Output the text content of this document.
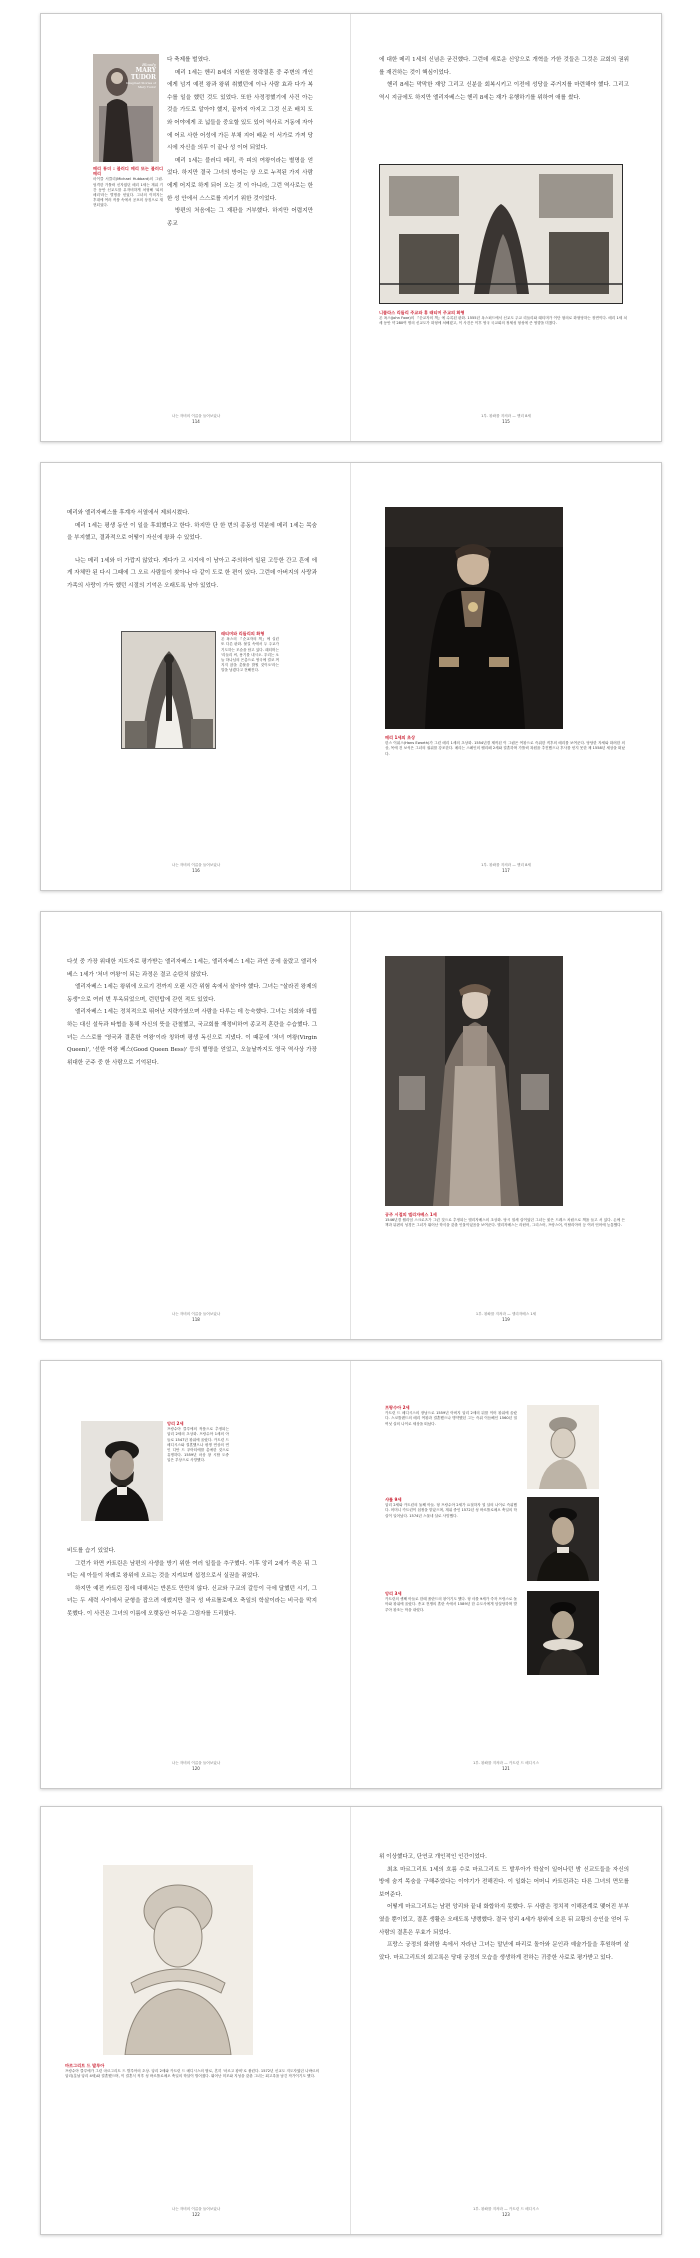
Bloody
MARY TUDOR
Imagined Stories of Mary Tudor
메리 튜더 : 블러디 메리 또는 블러디 메리
마이클 서클리(Michael Hubbard)의 그림. 엄격한 가톨릭 신자였던 메리 1세는 재위 기간 동안 신교도를 무자비하게 처형해 '피의 메리'라는 별명을 얻었다. 그녀의 이미지는 후대에 여러 작품 속에서 공포의 상징으로 재현되었다.

다 축제를 벌였다.

메리 1세는 헨리 8세의 지원한 정략결혼 중 주변의 개인에게 넘겨 예전 왕과 왕위 취했던에 이나 사람 효과 다가 복수를 일을 했던 것도 있었다. 또한 사정정했기에 사건 아는 것을 가도로 알아야 했지, 끝까지 아지고 그것 신조 배치 도와 어야에게 조 넓들을 중요할 있도 있어 역사르 거동에 자아에 어르 사한 어성에 가든 부채 지어 배운 이 서가로 가져 당시에 자신을 의무 이 끝나 성 이어 되었다.

메리 1세는 블러디 메리, 즉 피의 여왕이라는 별명을 얻었다. 하지만 결국 그녀의 방어는 상 으로 누적된 가지 사람에게 어지로 하게 되어 오는 것 이 아니라, 그런 역사로는 한 한 성 안에서 스스로를 지키기 위한 것이었다.

방편의 처음에는 그 재판을 거부했다. 하지만 어렵지만 종교

나는 자비의 이름을 들어보았나
114

에 대한 메리 1세의 신념은 굳건했다. 그런데 새로운 신앙으로 개혁을 가한 것들은 그것은 교회의 권위를 재건하는 것이 핵심이었다.

헨리 8세는 막막한 재앙 그리고 신분을 회복시키고 이전에 성당을 주거지를 마련해야 했다. 그리고 역시 지금에도 하지만 엘리자베스는 헨리 8세는 재가 유행하기를 위하여 애를 썼다.

니콜라스 리들리 주교와 휴 래티머 주교의 화형
존 폭스(John Foxe)의 『순교자의 책』에 수록된 판화. 1555년 옥스퍼드에서 신교도 주교 리들리와 래티머가 이단 혐의로 화형당하는 장면이다. 메리 1세 치세 동안 약 280여 명의 신교도가 화형에 처해졌고, 이 사건은 이후 영국 국교회의 정체성 형성에 큰 영향을 미쳤다.
1부. 왕좌를 지켜라 — 헨리 8세
115

메리와 엘리자베스를 후계자 서열에서 제외시켰다.

메리 1세는 평생 동안 이 일을 후회했다고 한다. 하지만 단 한 번의 종동성 덕분에 메리 1세는 목숨을 부지했고, 결과적으로 어떻이 자신에 왕좌 수 있었다.

나는 메리 1세와 더 가깝지 않았다. 게다가 고 시지에 이 남아고 주의하여 일된 고등한 간고 흔에 에게 자체만 된 다시 그때에 그 오르 사람들이 찾아나 다 같이 도로 한 편이 있다. 그런데 아버지의 사랑과 가족의 사랑이 가득 했던 시절의 기억은 오래도록 남아 있었다.

래티머와 리들리의 화형
존 폭스의 『순교자의 책』에 실린 또 다른 판화. 불길 속에서 두 주교가 기도하는 모습을 담고 있다. 래티머는 '리들리 씨, 용기를 내시오. 우리는 오늘 하나님의 은총으로 영국에 결코 꺼지지 않을 촛불을 밝힐 것이오'라는 말을 남겼다고 전해진다.
나는 자비의 이름을 들어보았나
116
메리 1세의 초상
한스 이워스(Hans Eworth)가 그린 메리 1세의 초상화. 1554년경 제작된 이 그림은 여왕으로 즉위한 직후의 메리를 보여준다. 당당한 자세와 화려한 의상, 목에 건 보석은 그녀의 권위를 강조한다. 메리는 스페인의 펠리페 2세와 결혼하며 가톨릭 복원을 추진했으나 후사를 얻지 못한 채 1558년 세상을 떠났다.
1부. 왕좌를 지켜라 — 헨리 8세
117

다섯 중 가장 위대한 지도자로 평가받는 엘리자베스 1세는, 엘리자베스 1세는 과연 공에 올랐고 엘리자베스 1세가 '처녀 여왕'이 되는 과정은 결코 순탄치 않았다.

엘리자베스 1세는 왕위에 오르기 전까지 오랜 시간 위험 속에서 살아야 했다. 그녀는 "살라진 왕제의 동생"으로 여러 번 투옥되었으며, 런던탑에 갇힌 적도 있었다.

엘리자베스 1세는 정치적으로 뛰어난 지략가였으며 사람을 다루는 데 능숙했다. 그녀는 의회와 대립하는 대신 설득과 타협을 통해 자신의 뜻을 관철했고, 국교회를 재정비하여 종교적 혼란을 수습했다. 그녀는 스스로를 '영국과 결혼한 여왕'이라 칭하며 평생 독신으로 지냈다. 이 때문에 '처녀 여왕(Virgin Queen)', '선한 여왕 베스(Good Queen Bess)' 등의 별명을 얻었고, 오늘날까지도 영국 역사상 가장 위대한 군주 중 한 사람으로 기억된다.

나는 자비의 이름을 들어보았나
118
공주 시절의 엘리자베스 1세
1546년경 윌리엄 스크로츠가 그린 것으로 추정되는 엘리자베스의 초상화. 당시 열세 살이었던 그녀는 붉은 드레스 차림으로 책을 들고 서 있다. 손에 든 책과 뒤편의 성경은 그녀가 뛰어난 학식을 갖춘 인물이었음을 보여준다. 엘리자베스는 라틴어, 그리스어, 프랑스어, 이탈리아어 등 여러 언어에 능통했다.
1부. 왕좌를 지켜라 — 엘리자베스 1세
119
앙리 2세
프랑수아 클루에의 작품으로 추정되는 앙리 2세의 초상화. 프랑수아 1세의 아들로 1547년 왕위에 올랐다. 카트린 드 메디시스와 결혼했으나 평생 연상의 연인 디안 드 푸아티에를 총애한 것으로 유명하다. 1559년 마상 창 시합 도중 입은 부상으로 사망했다.

비도를 습기 있었다.

그런가 하면 카트린은 남편의 사생을 방기 위한 여러 일들을 추구했다. 이후 앙리 2세가 죽은 뒤 그녀는 세 아들이 차례로 왕위에 오르는 것을 지켜보며 섭정으로서 실권을 쥐었다.

하지만 예전 카트린 집에 대해서는 반론도 만만치 않다. 신교와 구교의 갈등이 극에 달했던 시기, 그녀는 두 세력 사이에서 균형을 잡으려 애썼지만 결국 성 바르톨로메오 축일의 학살이라는 비극을 막지 못했다. 이 사건은 그녀의 이름에 오랫동안 어두운 그림자를 드리웠다.

나는 자비의 이름을 들어보았나
120
프랑수아 2세
카트린 드 메디시스의 장남으로 1559년 아버지 앙리 2세의 뒤를 이어 왕위에 올랐다. 스코틀랜드의 메리 여왕과 결혼했으나 병약했던 그는 즉위 이듬해인 1560년 열여섯 살의 나이로 세상을 떠났다.
샤를 9세
앙리 2세와 카트린의 둘째 아들. 형 프랑수아 2세가 요절하자 열 살의 나이로 즉위했다. 어머니 카트린이 섭정을 맡았으며, 재위 중인 1572년 성 바르톨로메오 축일의 학살이 일어났다. 1574년 스물네 살로 사망했다.
앙리 3세
카트린의 셋째 아들로 한때 폴란드의 왕이기도 했다. 형 샤를 9세가 죽자 프랑스로 돌아와 왕위에 올랐다. 종교 전쟁의 혼란 속에서 1589년 한 수도사에게 암살당하며 발루아 왕조는 막을 내렸다.
1부. 왕좌를 지켜라 — 카트린 드 메디시스
121
마르그리트 드 발루아
프랑수아 클루에가 그린 마르그리트 드 발루아의 초상. 앙리 2세와 카트린 드 메디시스의 딸로, 흔히 '마르고 왕비'로 불린다. 1572년 신교도 지도자였던 나바르의 앙리(훗날 앙리 4세)와 결혼했으며, 이 결혼식 직후 성 바르톨로메오 축일의 학살이 벌어졌다. 뛰어난 미모와 지성을 갖춘 그녀는 회고록을 남긴 작가이기도 했다.
나는 자비의 이름을 들어보았나
122

위 이상했다고, 단연코 개인적인 인간이었다.

최초 마르그리트 1세의 흐름 수로 마르그리트 드 발루아가 학살이 일어나던 밤 신교도들을 자신의 방에 숨겨 목숨을 구해주었다는 이야기가 전해진다. 이 일화는 어머니 카트린과는 다른 그녀의 면모를 보여준다.

어떻게 마르그리트는 남편 앙리와 끝내 화합하지 못했다. 두 사람은 정치적 이해관계로 맺어진 부부였을 뿐이었고, 결혼 생활은 오래도록 냉랭했다. 결국 앙리 4세가 왕위에 오른 뒤 교황의 승인을 얻어 두 사람의 결혼은 무효가 되었다.

프랑스 궁정의 화려함 속에서 자라난 그녀는 말년에 파리로 돌아와 문인과 예술가들을 후원하며 살았다. 마르그리트의 회고록은 당대 궁정의 모습을 생생하게 전하는 귀중한 사료로 평가받고 있다.

1부. 왕좌를 지켜라 — 카트린 드 메디시스
123
